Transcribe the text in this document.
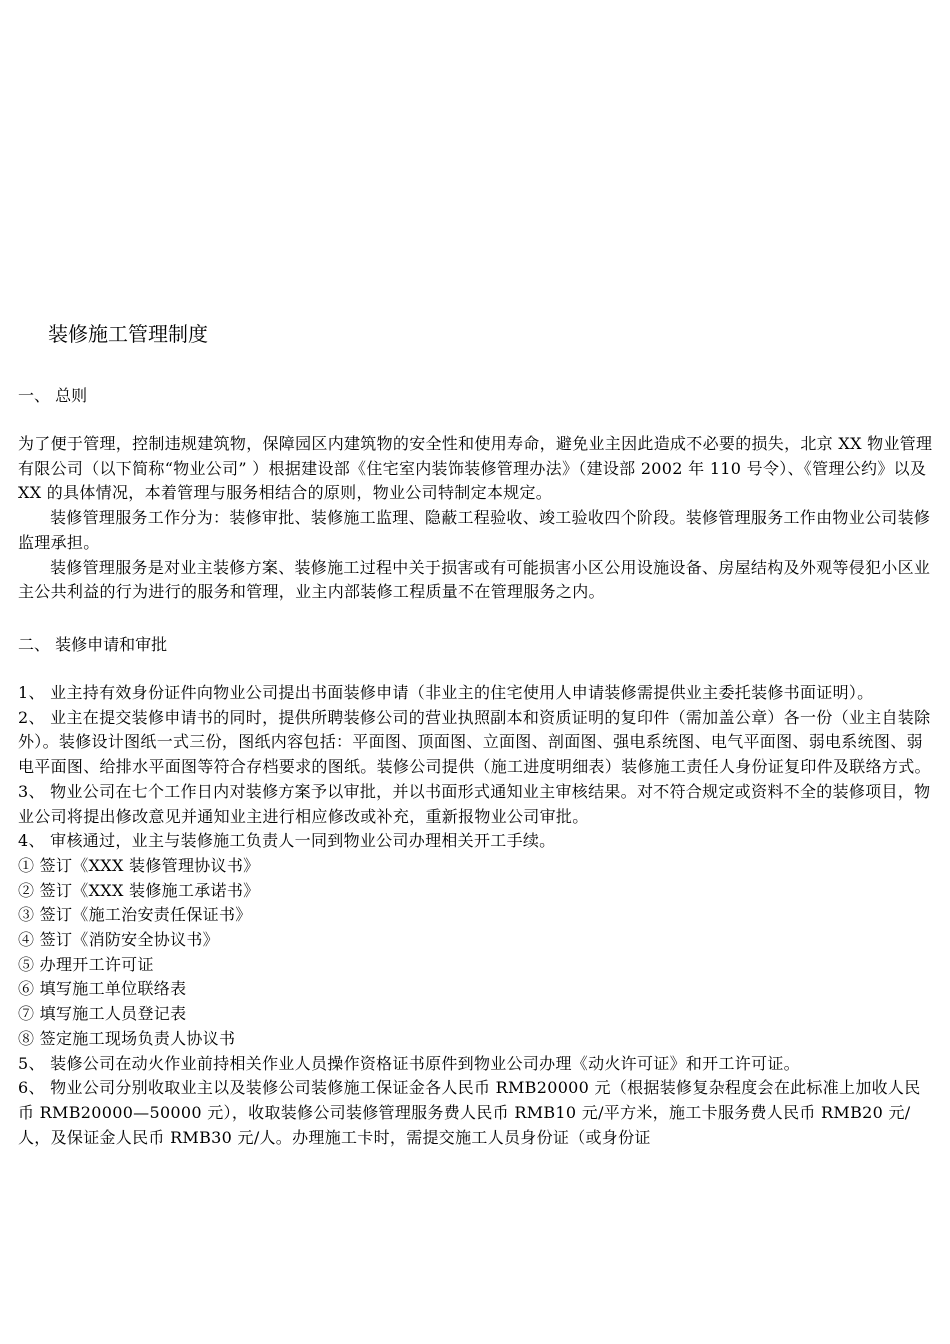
装修施工管理制度
一、 总则

为了便于管理，控制违规建筑物，保障园区内建筑物的安全性和使用寿命，避免业主因此造成不必要的损失，北京 XX 物业管理有限公司（以下简称“物业公司” ）根据建设部《住宅室内装饰装修管理办法》（建设部 2002 年 110 号令）、《管理公约》以及 XX 的具体情况，本着管理与服务相结合的原则，物业公司特制定本规定。

装修管理服务工作分为：装修审批、装修施工监理、隐蔽工程验收、竣工验收四个阶段。装修管理服务工作由物业公司装修监理承担。

装修管理服务是对业主装修方案、装修施工过程中关于损害或有可能损害小区公用设施设备、房屋结构及外观等侵犯小区业主公共利益的行为进行的服务和管理，业主内部装修工程质量不在管理服务之内。

二、 装修申请和审批
1、 业主持有效身份证件向物业公司提出书面装修申请（非业主的住宅使用人申请装修需提供业主委托装修书面证明）。
2、 业主在提交装修申请书的同时，提供所聘装修公司的营业执照副本和资质证明的复印件（需加盖公章）各一份（业主自装除外）。装修设计图纸一式三份，图纸内容包括：平面图、顶面图、立面图、剖面图、强电系统图、电气平面图、弱电系统图、弱电平面图、给排水平面图等符合存档要求的图纸。装修公司提供（施工进度明细表）装修施工责任人身份证复印件及联络方式。
3、 物业公司在七个工作日内对装修方案予以审批，并以书面形式通知业主审核结果。对不符合规定或资料不全的装修项目，物业公司将提出修改意见并通知业主进行相应修改或补充，重新报物业公司审批。
4、 审核通过，业主与装修施工负责人一同到物业公司办理相关开工手续。
① 签订《XXX 装修管理协议书》
② 签订《XXX 装修施工承诺书》
③ 签订《施工治安责任保证书》
④ 签订《消防安全协议书》
⑤ 办理开工许可证
⑥ 填写施工单位联络表
⑦ 填写施工人员登记表
⑧ 签定施工现场负责人协议书
5、 装修公司在动火作业前持相关作业人员操作资格证书原件到物业公司办理《动火许可证》和开工许可证。
6、 物业公司分别收取业主以及装修公司装修施工保证金各人民币 RMB20000 元（根据装修复杂程度会在此标准上加收人民币 RMB20000—50000 元），收取装修公司装修管理服务费人民币 RMB10 元/平方米，施工卡服务费人民币 RMB20 元/人，及保证金人民币 RMB30 元/人。办理施工卡时，需提交施工人员身份证（或身份证
